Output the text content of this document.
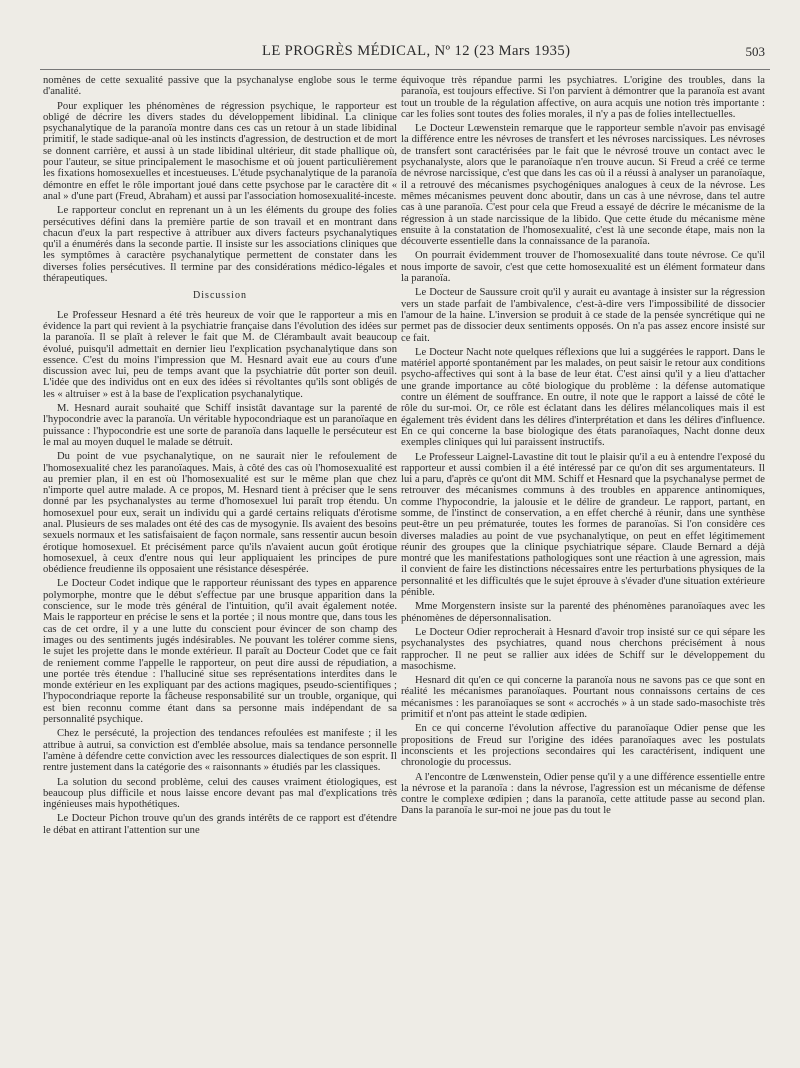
LE PROGRÈS MÉDICAL, Nº 12 (23 Mars 1935)	503

nomènes de cette sexualité passive que la psychanalyse englobe sous le terme d'analité.

Pour expliquer les phénomènes de régression psychique, le rapporteur est obligé de décrire les divers stades du développement libidinal. La clinique psychanalytique de la paranoïa montre dans ces cas un retour à un stade libidinal primitif, le stade sadique-anal où les instincts d'agression, de destruction et de mort se donnent carrière, et aussi à un stade libidinal ultérieur, dit stade phallique où, pour l'auteur, se situe principalement le masochisme et où jouent particulièrement les fixations homosexuelles et incestueuses. L'étude psychanalytique de la paranoïa démontre en effet le rôle important joué dans cette psychose par le caractère dit « anal » d'une part (Freud, Abraham) et aussi par l'association homosexualité-inceste.

Le rapporteur conclut en reprenant un à un les éléments du groupe des folies persécutives défini dans la première partie de son travail et en montrant dans chacun d'eux la part respective à attribuer aux divers facteurs psychanalytiques qu'il a énumérés dans la seconde partie. Il insiste sur les associations cliniques que les symptômes à caractère psychanalytique permettent de constater dans les diverses folies persécutives. Il termine par des considérations médico-légales et thérapeutiques.

Discussion

Le Professeur Hesnard a été très heureux de voir que le rapporteur a mis en évidence la part qui revient à la psychiatrie française dans l'évolution des idées sur la paranoïa. Il se plaît à relever le fait que M. de Clérambault avait beaucoup évolué, puisqu'il admettait en dernier lieu l'explication psychanalytique dans son essence. C'est du moins l'impression que M. Hesnard avait eue au cours d'une discussion avec lui, peu de temps avant que la psychiatrie dût porter son deuil. L'idée que des individus ont en eux des idées si révoltantes qu'ils sont obligés de les « altruiser » est à la base de l'explication psychanalytique.

M. Hesnard aurait souhaité que Schiff insistât davantage sur la parenté de l'hypocondrie avec la paranoïa. Un véritable hypocondriaque est un paranoïaque en puissance : l'hypocondrie est une sorte de paranoïa dans laquelle le persécuteur est le mal au moyen duquel le malade se détruit.

Du point de vue psychanalytique, on ne saurait nier le refoulement de l'homosexualité chez les paranoïaques. Mais, à côté des cas où l'homosexualité est au premier plan, il en est où l'homosexualité est sur le même plan que chez n'importe quel autre malade. A ce propos, M. Hesnard tient à préciser que le sens donné par les psychanalystes au terme d'homosexuel lui paraît trop étendu. Un homosexuel pour eux, serait un individu qui a gardé certains reliquats d'érotisme anal. Plusieurs de ses malades ont été des cas de mysogynie. Ils avaient des besoins sexuels normaux et les satisfaisaient de façon normale, sans ressentir aucun besoin érotique homosexuel. Et précisément parce qu'ils n'avaient aucun goût érotique homosexuel, à ceux d'entre nous qui leur appliquaient les principes de pure obédience freudienne ils opposaient une résistance désespérée.

Le Docteur Codet indique que le rapporteur réunissant des types en apparence polymorphe, montre que le début s'effectue par une brusque apparition dans la conscience, sur le mode très général de l'intuition, qu'il avait également notée. Mais le rapporteur en précise le sens et la portée ; il nous montre que, dans tous les cas de cet ordre, il y a une lutte du conscient pour évincer de son champ des images ou des sentiments jugés indésirables. Ne pouvant les tolérer comme siens, le sujet les projette dans le monde extérieur. Il paraît au Docteur Codet que ce fait de reniement comme l'appelle le rapporteur, on peut dire aussi de répudiation, a une portée très étendue : l'halluciné situe ses représentations interdites dans le monde extérieur en les expliquant par des actions magiques, pseudo-scientifiques ; l'hypocondriaque reporte la fâcheuse responsabilité sur un trouble, organique, qui est bien reconnu comme étant dans sa personne mais indépendant de sa personnalité psychique.

Chez le persécuté, la projection des tendances refoulées est manifeste ; il les attribue à autrui, sa conviction est d'emblée absolue, mais sa tendance personnelle l'amène à défendre cette conviction avec les ressources dialectiques de son esprit. Il rentre justement dans la catégorie des « raisonnants » étudiés par les classiques.

La solution du second problème, celui des causes vraiment étiologiques, est beaucoup plus difficile et nous laisse encore devant pas mal d'explications très ingénieuses mais hypothétiques.

Le Docteur Pichon trouve qu'un des grands intérêts de ce rapport est d'étendre le débat en attirant l'attention sur une

équivoque très répandue parmi les psychiatres. L'origine des troubles, dans la paranoïa, est toujours effective. Si l'on parvient à démontrer que la paranoïa est avant tout un trouble de la régulation affective, on aura acquis une notion très importante : car les folies sont toutes des folies morales, il n'y a pas de folies intellectuelles.

Le Docteur Lœwenstein remarque que le rapporteur semble n'avoir pas envisagé la différence entre les névroses de transfert et les névroses narcissiques. Les névroses de transfert sont caractérisées par le fait que le névrosé trouve un contact avec le psychanalyste, alors que le paranoïaque n'en trouve aucun. Si Freud a créé ce terme de névrose narcissique, c'est que dans les cas où il a réussi à analyser un paranoïaque, il a retrouvé des mécanismes psychogéniques analogues à ceux de la névrose. Les mêmes mécanismes peuvent donc aboutir, dans un cas à une névrose, dans tel autre cas à une paranoïa. C'est pour cela que Freud a essayé de décrire le mécanisme de la régression à un stade narcissique de la libido. Que cette étude du mécanisme mène ensuite à la constatation de l'homosexualité, c'est là une seconde étape, mais non la découverte essentielle dans la connaissance de la paranoïa.

On pourrait évidemment trouver de l'homosexualité dans toute névrose. Ce qu'il nous importe de savoir, c'est que cette homosexualité est un élément formateur dans la paranoïa.

Le Docteur de Saussure croit qu'il y aurait eu avantage à insister sur la régression vers un stade parfait de l'ambivalence, c'est-à-dire vers l'impossibilité de dissocier l'amour de la haine. L'inversion se produit à ce stade de la pensée syncrétique qui ne permet pas de dissocier deux sentiments opposés. On n'a pas assez encore insisté sur ce fait.

Le Docteur Nacht note quelques réflexions que lui a suggérées le rapport. Dans le matériel apporté spontanément par les malades, on peut saisir le retour aux conditions psycho-affectives qui sont à la base de leur état. C'est ainsi qu'il y a lieu d'attacher une grande importance au côté biologique du problème : la défense automatique contre un élément de souffrance. En outre, il note que le rapport a laissé de côté le rôle du sur-moi. Or, ce rôle est éclatant dans les délires mélancoliques mais il est également très évident dans les délires d'interprétation et dans les délires d'influence. En ce qui concerne la base biologique des états paranoïaques, Nacht donne deux exemples cliniques qui lui paraissent instructifs.

Le Professeur Laignel-Lavastine dit tout le plaisir qu'il a eu à entendre l'exposé du rapporteur et aussi combien il a été intéressé par ce qu'on dit ses argumentateurs. Il lui a paru, d'après ce qu'ont dit MM. Schiff et Hesnard que la psychanalyse permet de retrouver des mécanismes communs à des troubles en apparence antinomiques, comme l'hypocondrie, la jalousie et le délire de grandeur. Le rapport, partant, en somme, de l'instinct de conservation, a en effet cherché à réunir, dans une synthèse peut-être un peu prématurée, toutes les formes de paranoïas. Si l'on considère ces diverses maladies au point de vue psychanalytique, on peut en effet légitimement réunir des groupes que la clinique psychiatrique sépare. Claude Bernard a déjà montré que les manifestations pathologiques sont une réaction à une agression, mais il convient de faire les distinctions nécessaires entre les perturbations physiques de la personnalité et les difficultés que le sujet éprouve à s'évader d'une situation extérieure pénible.

Mme Morgenstern insiste sur la parenté des phénomènes paranoïaques avec les phénomènes de dépersonnalisation.

Le Docteur Odier reprocherait à Hesnard d'avoir trop insisté sur ce qui sépare les psychanalystes des psychiatres, quand nous cherchons précisément à nous rapprocher. Il ne peut se rallier aux idées de Schiff sur le développement du masochisme.

Hesnard dit qu'en ce qui concerne la paranoïa nous ne savons pas ce que sont en réalité les mécanismes paranoïaques. Pourtant nous connaissons certains de ces mécanismes : les paranoïaques se sont « accrochés » à un stade sado-masochiste très primitif et n'ont pas atteint le stade œdipien.

En ce qui concerne l'évolution affective du paranoïaque Odier pense que les propositions de Freud sur l'origine des idées paranoïaques avec les postulats inconscients et les projections secondaires qui les caractérisent, indiquent une chronologie du processus.

A l'encontre de Lœnwenstein, Odier pense qu'il y a une différence essentielle entre la névrose et la paranoïa : dans la névrose, l'agression est un mécanisme de défense contre le complexe œdipien ; dans la paranoïa, cette attitude passe au second plan. Dans la paranoïa le sur-moi ne joue pas du tout le
